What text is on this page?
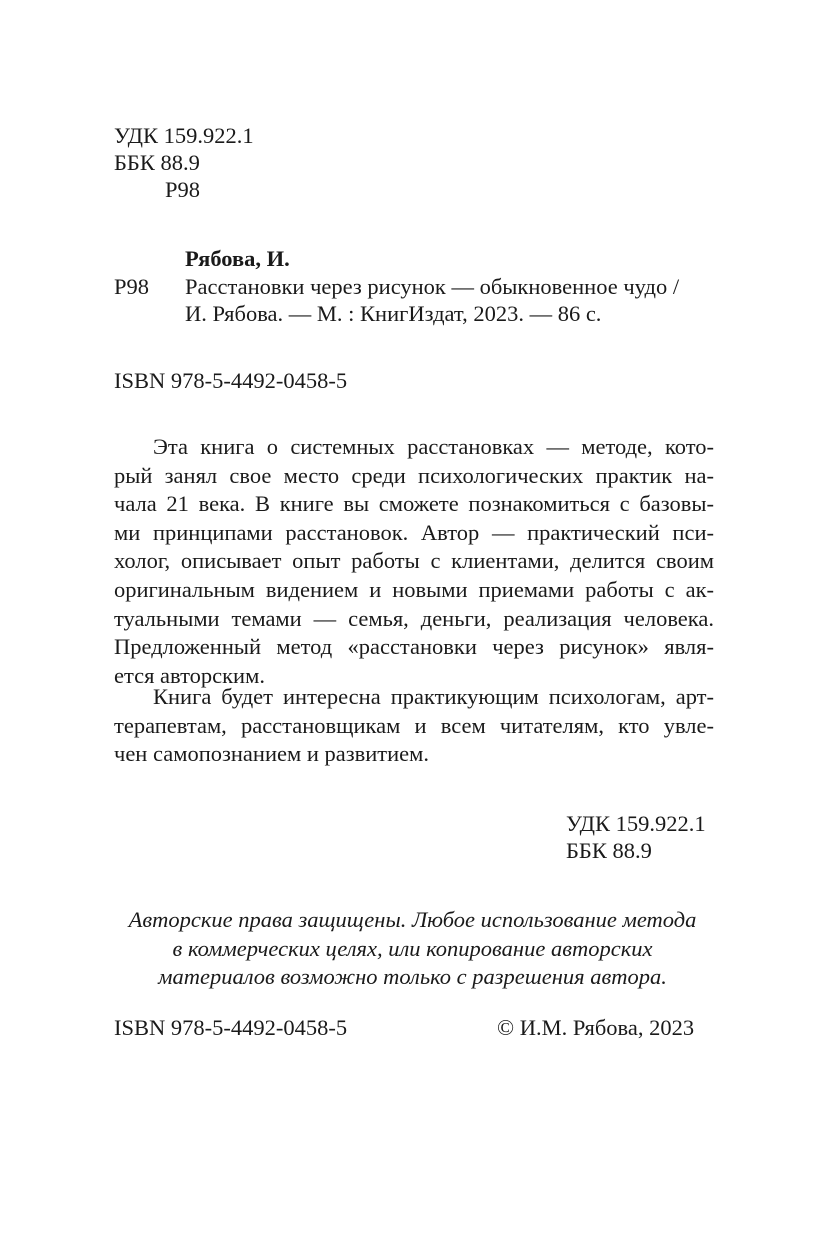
УДК 159.922.1
ББК 88.9
Р98
Рябова, И.
Р98 Расстановки через рисунок — обыкновенное чудо /
И. Рябова. — М. : КнигИздат, 2023. — 86 с.
ISBN 978-5-4492-0458-5
Эта книга о системных расстановках — методе, кото-
рый занял свое место среди психологических практик на-
чала 21 века. В книге вы сможете познакомиться с базовы-
ми принципами расстановок. Автор — практический пси-
холог, описывает опыт работы с клиентами, делится своим
оригинальным видением и новыми приемами работы с ак-
туальными темами — семья, деньги, реализация человека.
Предложенный метод «расстановки через рисунок» явля-
ется авторским.
Книга будет интересна практикующим психологам, арт-
терапевтам, расстановщикам и всем читателям, кто увле-
чен самопознанием и развитием.
УДК 159.922.1
ББК 88.9
Авторские права защищены. Любое использование метода
в коммерческих целях, или копирование авторских
материалов возможно только с разрешения автора.
ISBN 978-5-4492-0458-5	© И.М. Рябова, 2023
